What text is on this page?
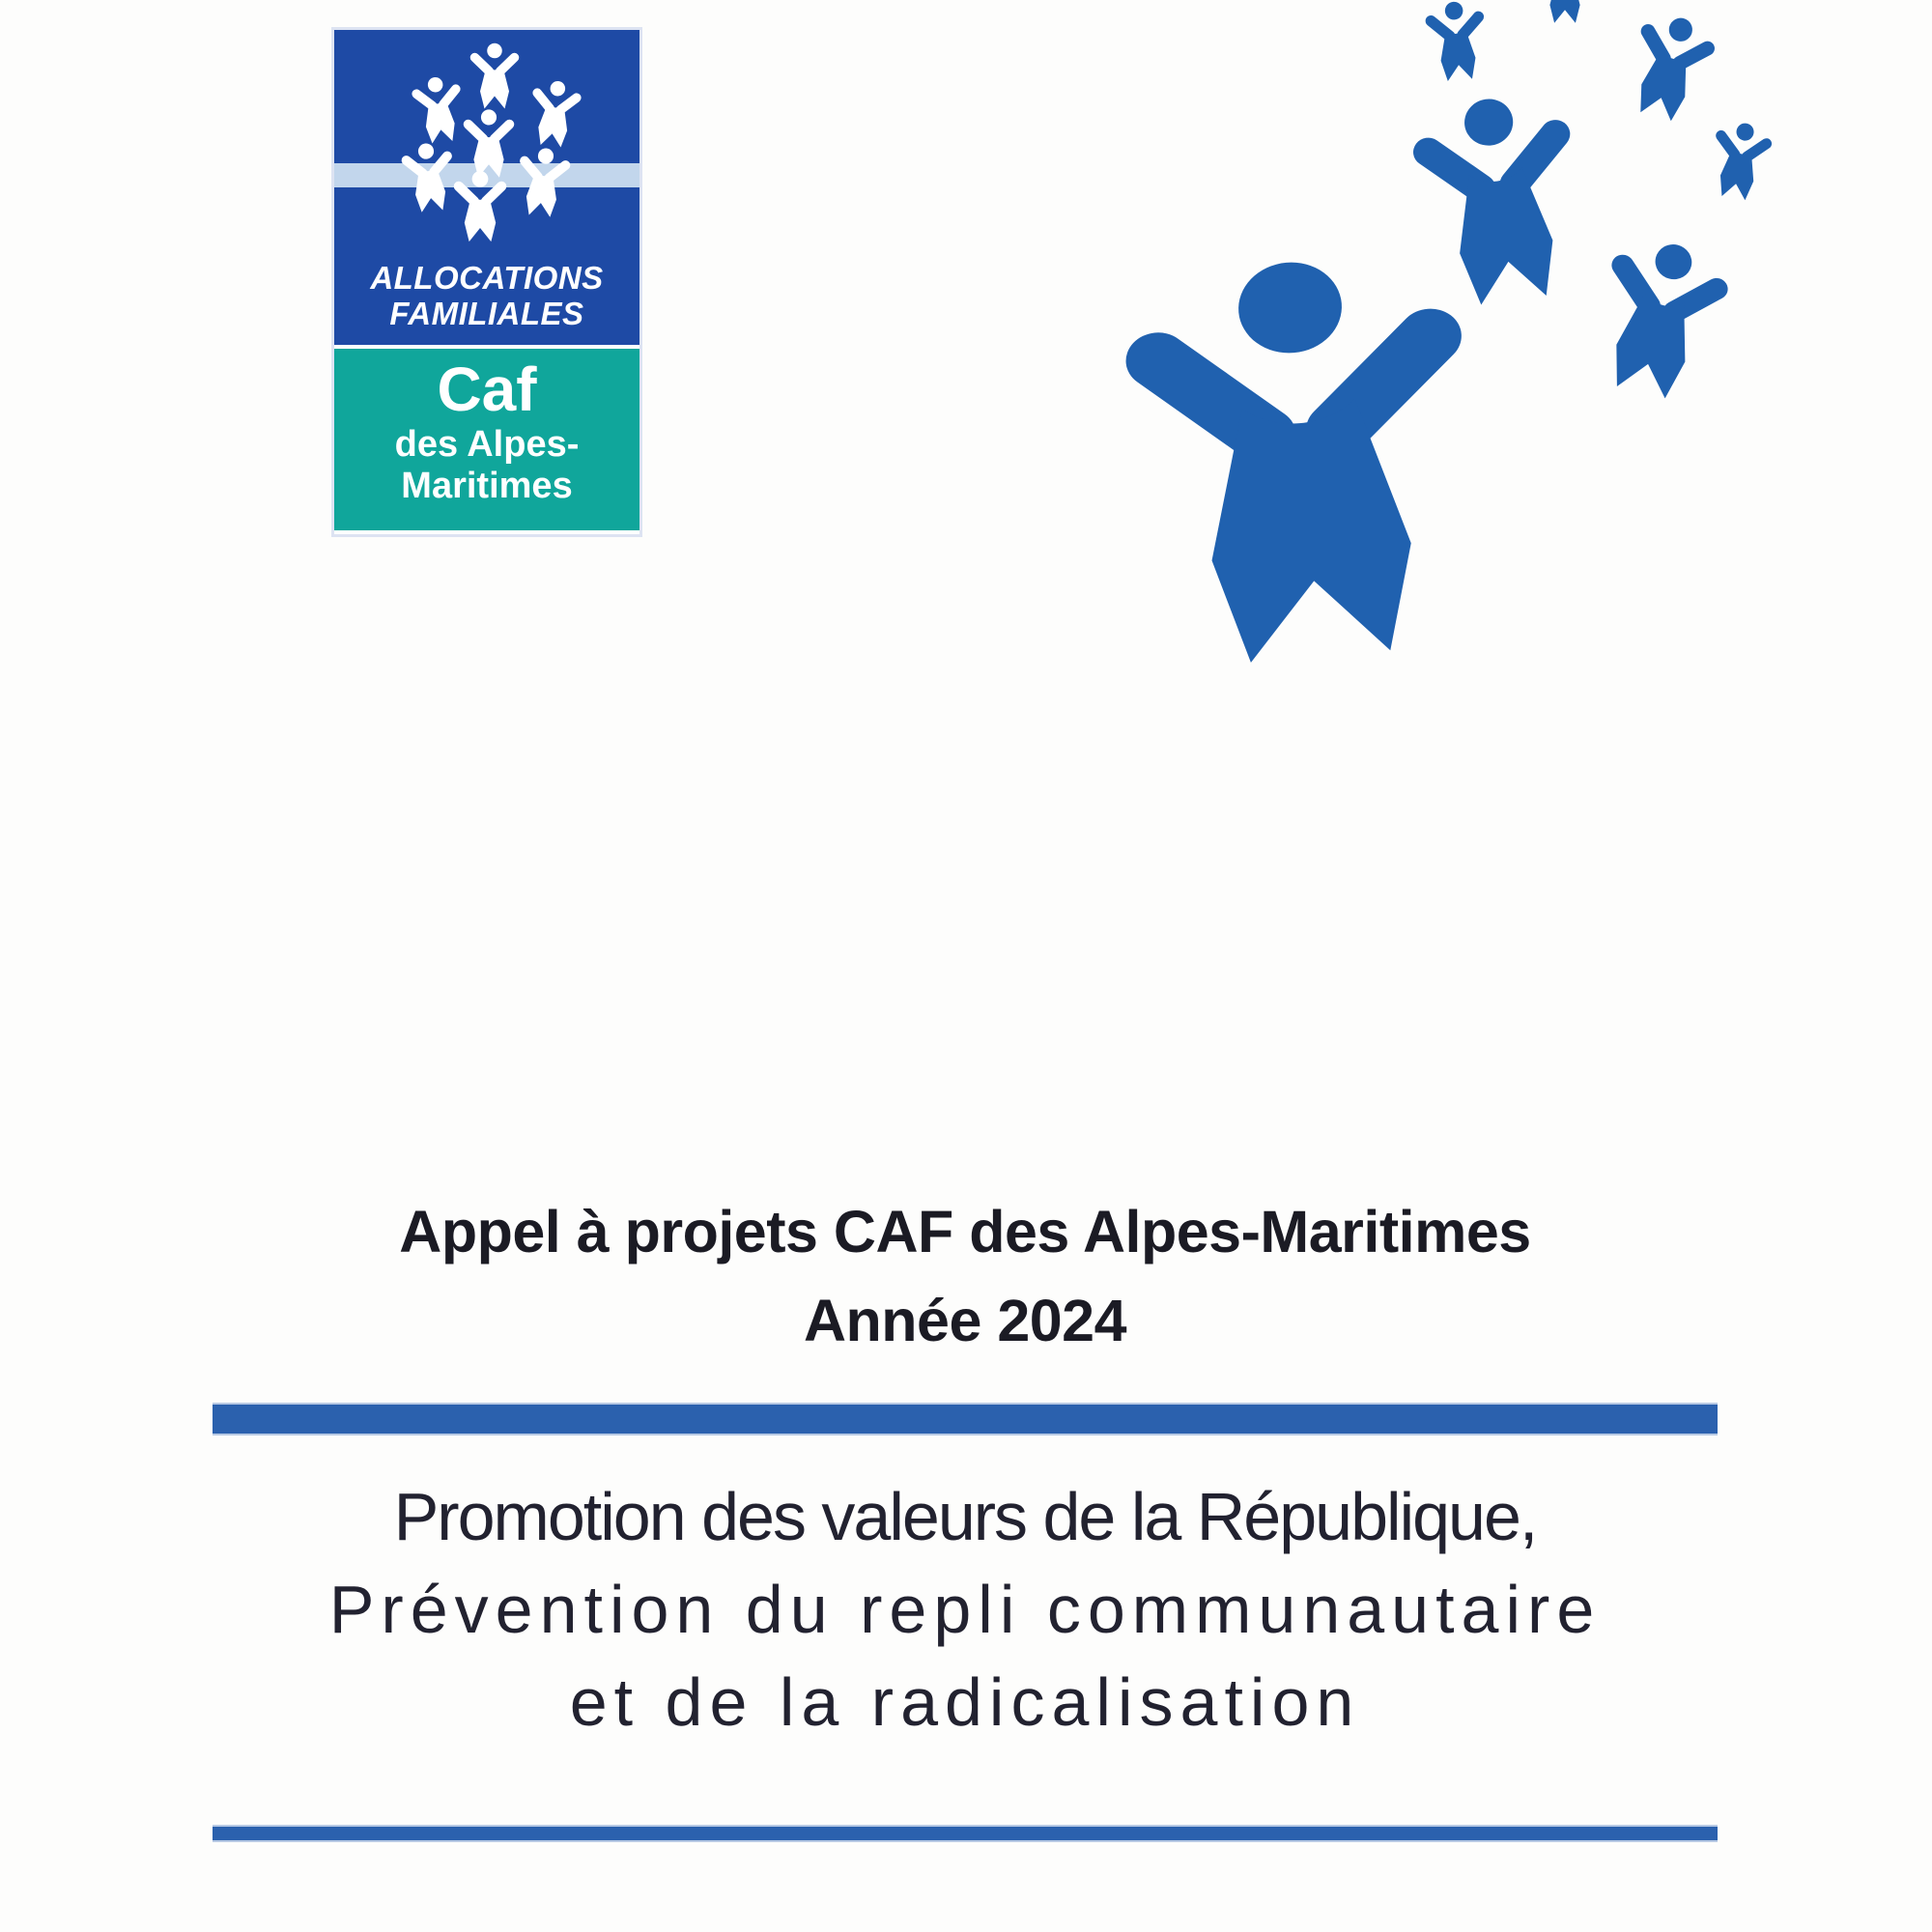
ALLOCATIONS
FAMILIALES
Caf
des Alpes-
Maritimes
Appel à projets CAF des Alpes-Maritimes
Année 2024
Promotion des valeurs de la République,
Prévention du repli communautaire
et de la radicalisation
